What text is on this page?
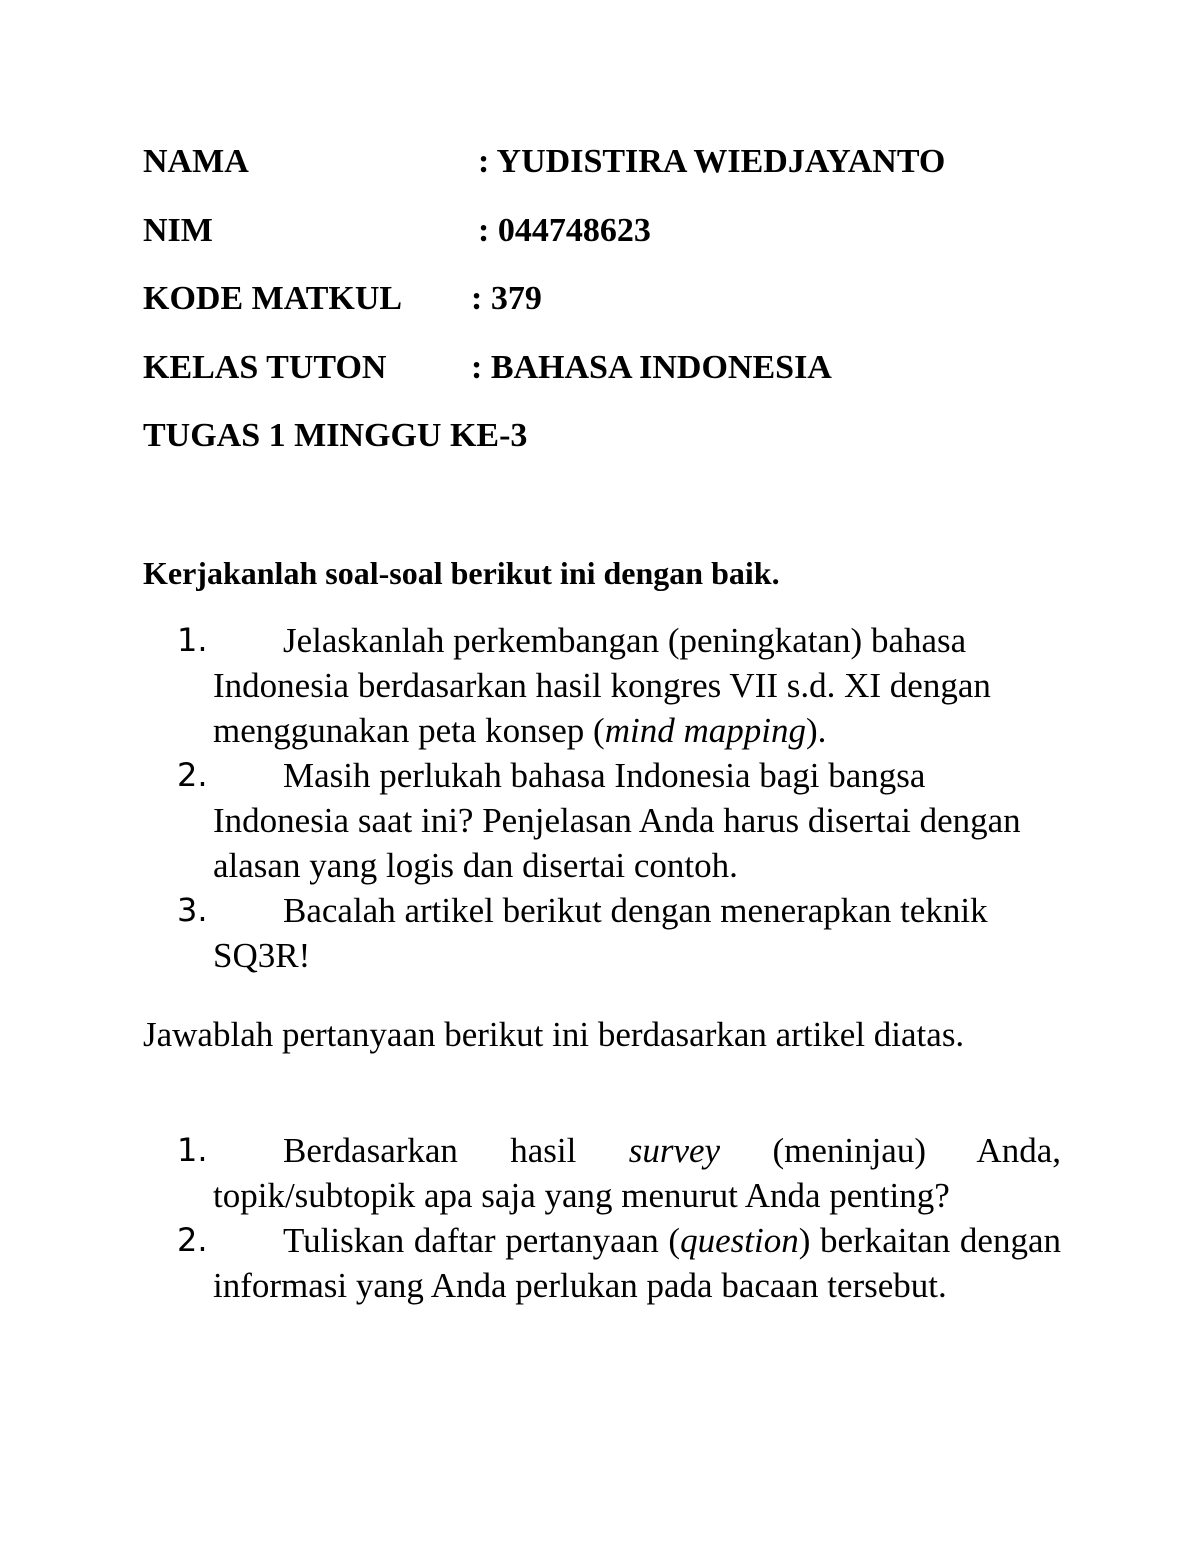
NAMA	: YUDISTIRA WIEDJAYANTO
NIM	: 044748623
KODE MATKUL : 379
KELAS TUTON : BAHASA INDONESIA
TUGAS 1 MINGGU KE-3
Kerjakanlah soal-soal berikut ini dengan baik.
1.	Jelaskanlah perkembangan (peningkatan) bahasa Indonesia berdasarkan hasil kongres VII s.d. XI dengan menggunakan peta konsep (mind mapping).
2.	Masih perlukah bahasa Indonesia bagi bangsa Indonesia saat ini? Penjelasan Anda harus disertai dengan alasan yang logis dan disertai contoh.
3.	Bacalah artikel berikut dengan menerapkan teknik SQ3R!
Jawablah pertanyaan berikut ini berdasarkan artikel diatas.
1.	Berdasarkan hasil survey (meninjau) Anda, topik/subtopik apa saja yang menurut Anda penting?
2.	Tuliskan daftar pertanyaan (question) berkaitan dengan informasi yang Anda perlukan pada bacaan tersebut.
